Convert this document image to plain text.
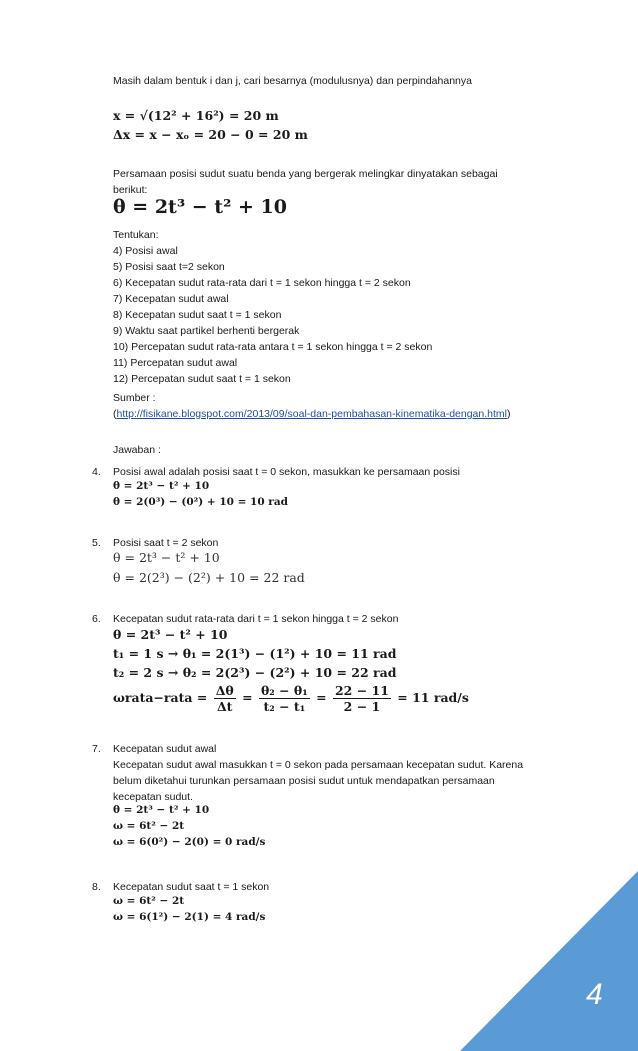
Masih dalam bentuk i dan j, cari besarnya (modulusnya) dan perpindahannya
x = √(12² + 16²) = 20 m
Δx = x − xₒ = 20 − 0 = 20 m
Persamaan posisi sudut suatu benda yang bergerak melingkar dinyatakan sebagai
berikut:
θ = 2t³ − t² + 10
Tentukan:
4) Posisi awal
5) Posisi saat t=2 sekon
6) Kecepatan sudut rata-rata dari t = 1 sekon hingga t = 2 sekon
7) Kecepatan sudut awal
8) Kecepatan sudut saat t = 1 sekon
9) Waktu saat partikel berhenti bergerak
10) Percepatan sudut rata-rata antara t = 1 sekon hingga t = 2 sekon
11) Percepatan sudut awal
12) Percepatan sudut saat t = 1 sekon
Sumber :
(http://fisikane.blogspot.com/2013/09/soal-dan-pembahasan-kinematika-dengan.html)
Jawaban :
4. Posisi awal adalah posisi saat t = 0 sekon, masukkan ke persamaan posisi
θ = 2t³ − t² + 10
θ = 2(0³) − (0²) + 10 = 10 rad
5. Posisi saat t = 2 sekon
θ = 2t³ − t² + 10
θ = 2(2³) − (2²) + 10 = 22 rad
6. Kecepatan sudut rata-rata dari t = 1 sekon hingga t = 2 sekon
θ = 2t³ − t² + 10
t₁ = 1 s → θ₁ = 2(1³) − (1²) + 10 = 11 rad
t₂ = 2 s → θ₂ = 2(2³) − (2²) + 10 = 22 rad
ωrata−rata = $\frac{\Delta\theta}{\Delta t} = \frac{\text{θ₂ − θ₁}}{\text{t₂ − t₁}} = \frac{22 - 11}{2 - 1} = 11$ rad/s
7. Kecepatan sudut awal
Kecepatan sudut awal masukkan t = 0 sekon pada persamaan kecepatan sudut. Karena
belum diketahui turunkan persamaan posisi sudut untuk mendapatkan persamaan
kecepatan sudut.
θ = 2t³ − t² + 10
ω = 6t² − 2t
ω = 6(0²) − 2(0) = 0 rad/s
8. Kecepatan sudut saat t = 1 sekon
ω = 6t² − 2t
ω = 6(1²) − 2(1) = 4 rad/s
4
